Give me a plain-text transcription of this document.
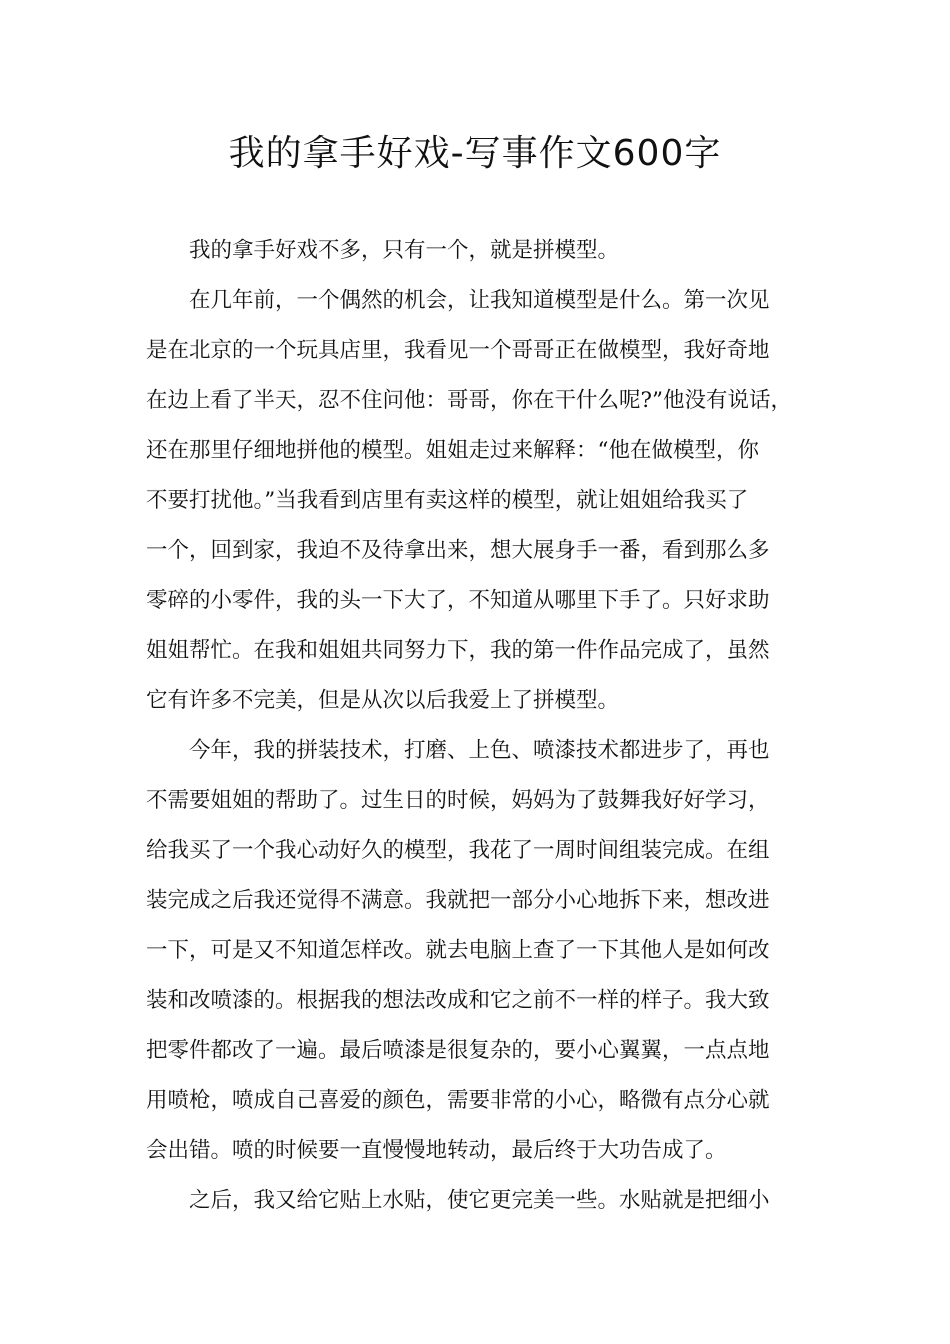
我的拿手好戏-写事作文600字

我的拿手好戏不多，只有一个，就是拼模型。

在几年前，一个偶然的机会，让我知道模型是什么。第一次见
是在北京的一个玩具店里，我看见一个哥哥正在做模型，我好奇地
在边上看了半天，忍不住问他：哥哥，你在干什么呢?”他没有说话，
还在那里仔细地拼他的模型。姐姐走过来解释：“他在做模型，你
不要打扰他。”当我看到店里有卖这样的模型，就让姐姐给我买了
一个，回到家，我迫不及待拿出来，想大展身手一番，看到那么多
零碎的小零件，我的头一下大了，不知道从哪里下手了。只好求助
姐姐帮忙。在我和姐姐共同努力下，我的第一件作品完成了，虽然
它有许多不完美，但是从次以后我爱上了拼模型。

今年，我的拼装技术，打磨、上色、喷漆技术都进步了，再也
不需要姐姐的帮助了。过生日的时候，妈妈为了鼓舞我好好学习，
给我买了一个我心动好久的模型，我花了一周时间组装完成。在组
装完成之后我还觉得不满意。我就把一部分小心地拆下来，想改进
一下，可是又不知道怎样改。就去电脑上查了一下其他人是如何改
装和改喷漆的。根据我的想法改成和它之前不一样的样子。我大致
把零件都改了一遍。最后喷漆是很复杂的，要小心翼翼，一点点地
用喷枪，喷成自己喜爱的颜色，需要非常的小心，略微有点分心就
会出错。喷的时候要一直慢慢地转动，最后终于大功告成了。

之后，我又给它贴上水贴，使它更完美一些。水贴就是把细小
